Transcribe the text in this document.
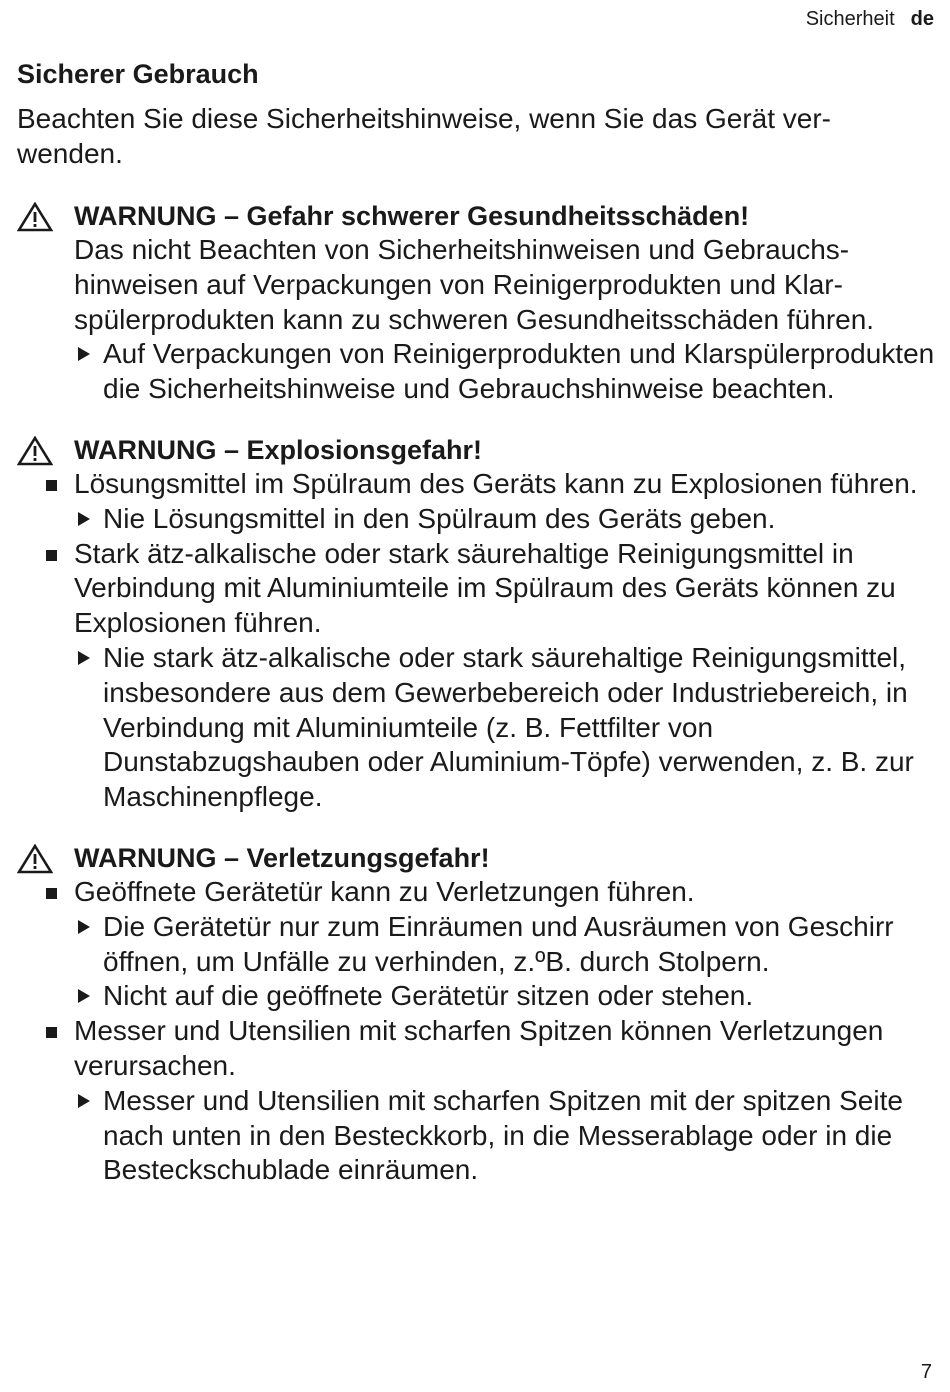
Sicherheit de
Sicherer Gebrauch

Beachten Sie diese Sicherheitshinweise, wenn Sie das Gerät verwenden.

WARNUNG – Gefahr schwerer Gesundheitsschäden!
Das nicht Beachten von Sicherheitshinweisen und Gebrauchshinweisen auf Verpackungen von Reinigerprodukten und Klarspülerprodukten kann zu schweren Gesundheitsschäden führen.
Auf Verpackungen von Reinigerprodukten und Klarspülerprodukten die Sicherheitshinweise und Gebrauchshinweise beachten.
WARNUNG – Explosionsgefahr!
Lösungsmittel im Spülraum des Geräts kann zu Explosionen führen.
Nie Lösungsmittel in den Spülraum des Geräts geben.
Stark ätz-alkalische oder stark säurehaltige Reinigungsmittel in Verbindung mit Aluminiumteile im Spülraum des Geräts können zu Explosionen führen.
Nie stark ätz-alkalische oder stark säurehaltige Reinigungsmittel, insbesondere aus dem Gewerbebereich oder Industriebereich, in Verbindung mit Aluminiumteile (z. B. Fettfilter von Dunstabzugshauben oder Aluminium-Töpfe) verwenden, z. B. zur Maschinenpflege.
WARNUNG – Verletzungsgefahr!
Geöffnete Gerätetür kann zu Verletzungen führen.
Die Gerätetür nur zum Einräumen und Ausräumen von Geschirr öffnen, um Unfälle zu verhinden, z.ºB. durch Stolpern.
Nicht auf die geöffnete Gerätetür sitzen oder stehen.
Messer und Utensilien mit scharfen Spitzen können Verletzungen verursachen.
Messer und Utensilien mit scharfen Spitzen mit der spitzen Seite nach unten in den Besteckkorb, in die Messerablage oder in die Besteckschublade einräumen.
7
